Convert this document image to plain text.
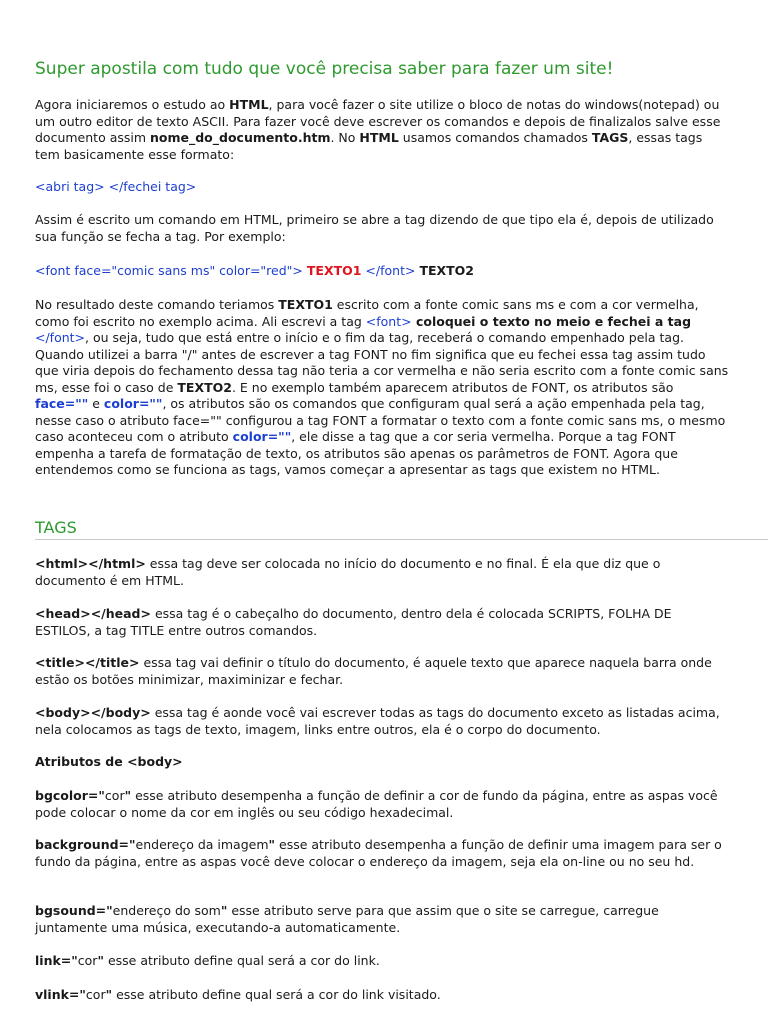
Super apostila com tudo que você precisa saber para fazer um site!

Agora iniciaremos o estudo ao HTML, para você fazer o site utilize o bloco de notas do windows(notepad) ou um outro editor de texto ASCII. Para fazer você deve escrever os comandos e depois de finalizalos salve esse documento assim nome_do_documento.htm. No HTML usamos comandos chamados TAGS, essas tags tem basicamente esse formato:

<abri tag> </fechei tag>

Assim é escrito um comando em HTML, primeiro se abre a tag dizendo de que tipo ela é, depois de utilizado sua função se fecha a tag. Por exemplo:

<font face="comic sans ms" color="red"> TEXTO1 </font> TEXTO2

No resultado deste comando teriamos TEXTO1 escrito com a fonte comic sans ms e com a cor vermelha, como foi escrito no exemplo acima. Ali escrevi a tag <font> coloquei o texto no meio e fechei a tag </font>, ou seja, tudo que está entre o início e o fim da tag, receberá o comando empenhado pela tag.
Quando utilizei a barra "/" antes de escrever a tag FONT no fim significa que eu fechei essa tag assim tudo que viria depois do fechamento dessa tag não teria a cor vermelha e não seria escrito com a fonte comic sans ms, esse foi o caso de TEXTO2. E no exemplo também aparecem atributos de FONT, os atributos são face="" e color="", os atributos são os comandos que configuram qual será a ação empenhada pela tag, nesse caso o atributo face="" configurou a tag FONT a formatar o texto com a fonte comic sans ms, o mesmo caso aconteceu com o atributo color="", ele disse a tag que a cor seria vermelha. Porque a tag FONT empenha a tarefa de formatação de texto, os atributos são apenas os parâmetros de FONT. Agora que entendemos como se funciona as tags, vamos começar a apresentar as tags que existem no HTML.

TAGS

<html></html> essa tag deve ser colocada no início do documento e no final. É ela que diz que o documento é em HTML.

<head></head> essa tag é o cabeçalho do documento, dentro dela é colocada SCRIPTS, FOLHA DE ESTILOS, a tag TITLE entre outros comandos.

<title></title> essa tag vai definir o título do documento, é aquele texto que aparece naquela barra onde estão os botões minimizar, maximinizar e fechar.

<body></body> essa tag é aonde você vai escrever todas as tags do documento exceto as listadas acima, nela colocamos as tags de texto, imagem, links entre outros, ela é o corpo do documento.

Atributos de <body>

bgcolor="cor" esse atributo desempenha a função de definir a cor de fundo da página, entre as aspas você pode colocar o nome da cor em inglês ou seu código hexadecimal.

background="endereço da imagem" esse atributo desempenha a função de definir uma imagem para ser o fundo da página, entre as aspas você deve colocar o endereço da imagem, seja ela on-line ou no seu hd.

bgsound="endereço do som" esse atributo serve para que assim que o site se carregue, carregue juntamente uma música, executando-a automaticamente.

link="cor" esse atributo define qual será a cor do link.

vlink="cor" esse atributo define qual será a cor do link visitado.
